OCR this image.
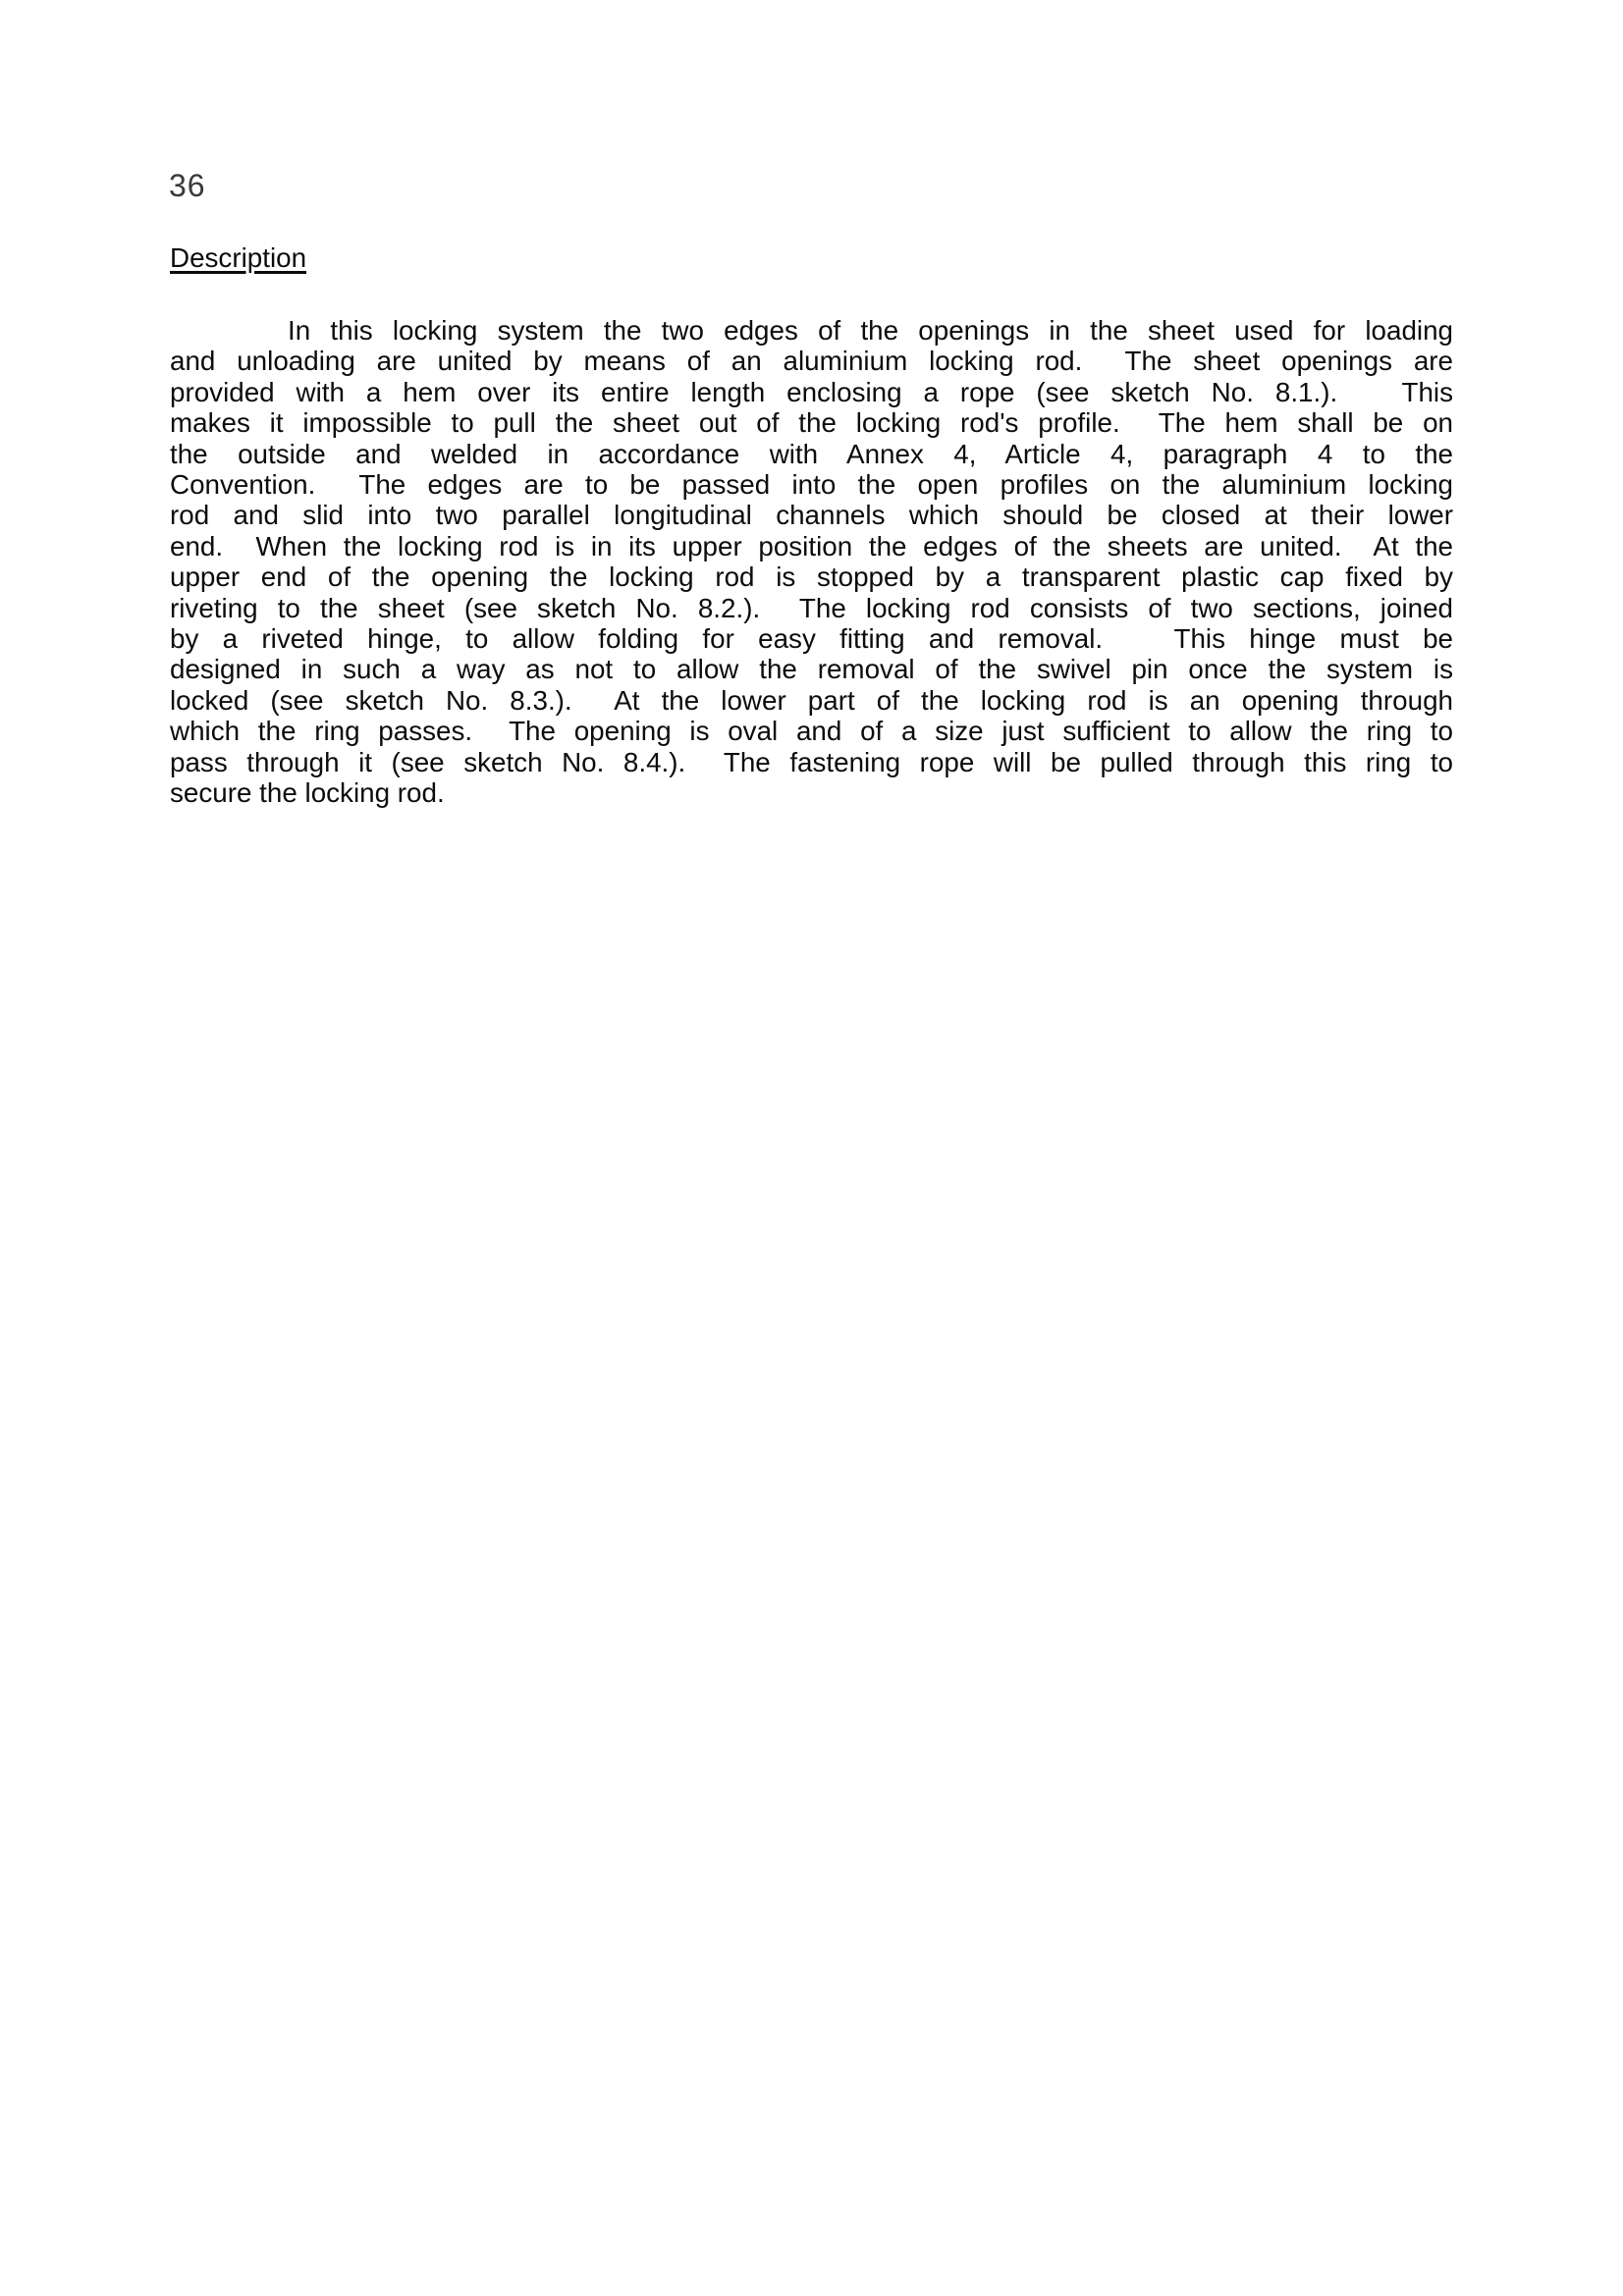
36
Description
In this locking system the two edges of the openings in the sheet used for loading
and unloading are united by means of an aluminium locking rod.  The sheet openings are
provided with a hem over its entire length enclosing a rope (see sketch No. 8.1.).   This
makes it impossible to pull the sheet out of the locking rod's profile.  The hem shall be on
the outside and welded in accordance with Annex 4, Article 4, paragraph 4 to the
Convention.  The edges are to be passed into the open profiles on the aluminium locking
rod and slid into two parallel longitudinal channels which should be closed at their lower
end.  When the locking rod is in its upper position the edges of the sheets are united.  At the
upper end of the opening the locking rod is stopped by a transparent plastic cap fixed by
riveting to the sheet (see sketch No. 8.2.).  The locking rod consists of two sections, joined
by a riveted hinge, to allow folding for easy fitting and removal.   This hinge must be
designed in such a way as not to allow the removal of the swivel pin once the system is
locked (see sketch No. 8.3.).  At the lower part of the locking rod is an opening through
which the ring passes.  The opening is oval and of a size just sufficient to allow the ring to
pass through it (see sketch No. 8.4.).  The fastening rope will be pulled through this ring to
secure the locking rod.
